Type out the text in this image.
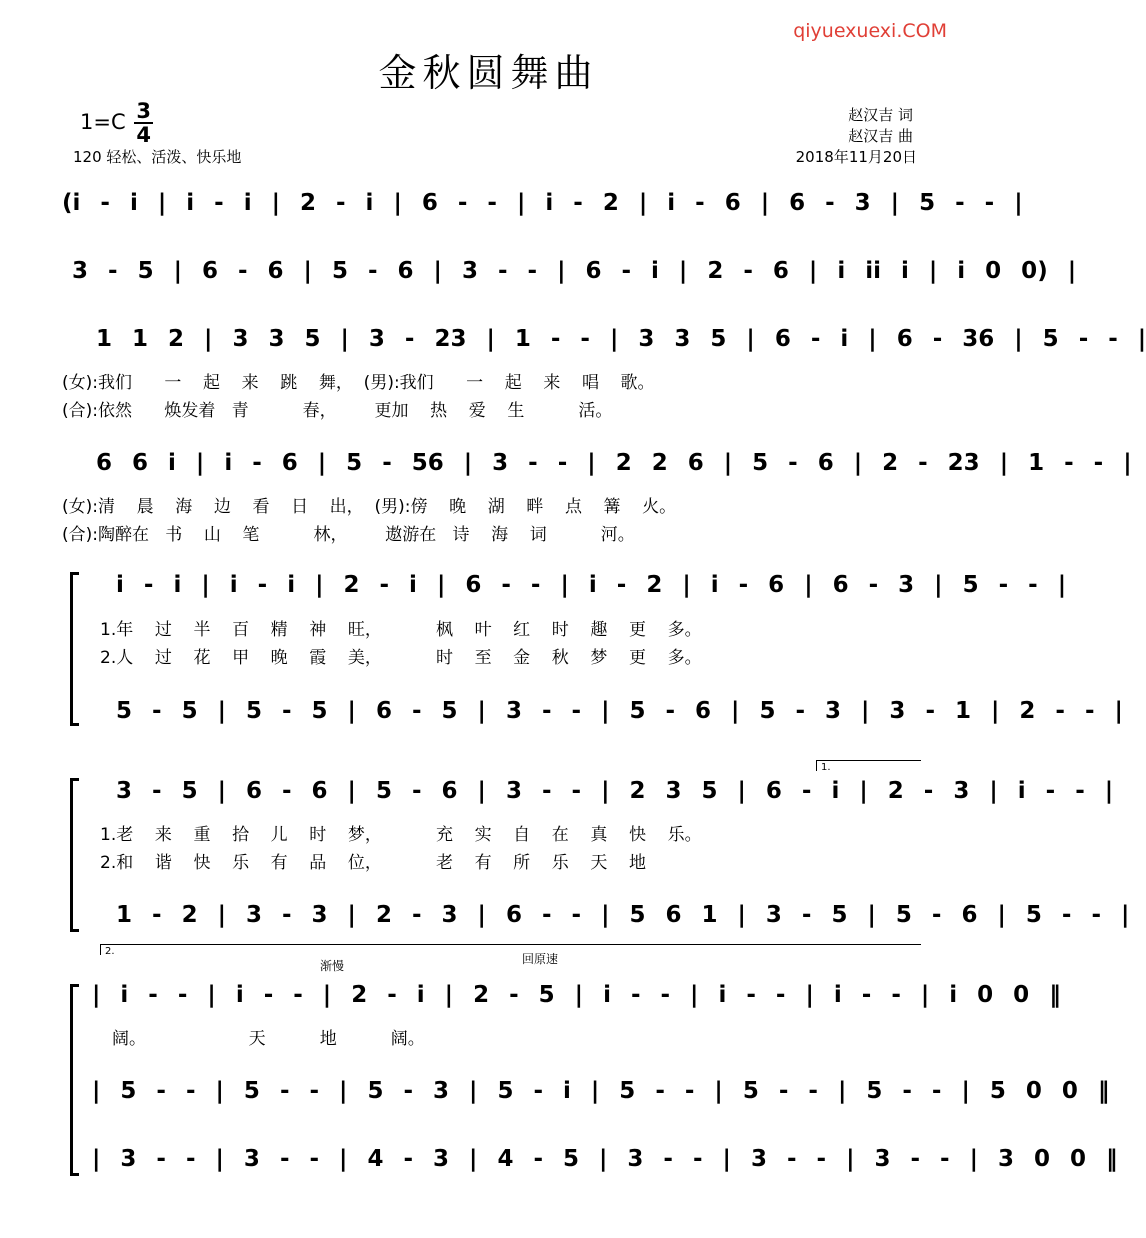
qiyuexuexi.COM
金秋圆舞曲
$1=C \frac{3}{4}$
120 轻松、活泼、快乐地
赵汉吉 词
赵汉吉 曲
2018年11月20日
(i - i | i - i | 2 - i | 6 - - | i - 2 | i - 6 | 6 - 3 | 5 - - |
3 - 5 | 6 - 6 | 5 - 6 | 3 - - | 6 - i | 2 - 6 | i ii i | i 0 0) |
1 1 2 | 3 3 5 | 3 - 23 | 1 - - | 3 3 5 | 6 - i | 6 - 36 | 5 - - |
(女):我们      一    起    来    跳    舞，  (男):我们      一    起    来    唱    歌。
(合):依然      焕发着   青          春，       更加    热    爱    生          活。
6 6 i | i - 6 | 5 - 56 | 3 - - | 2 2 6 | 5 - 6 | 2 - 23 | 1 - - |
(女):清    晨    海    边    看    日    出，  (男):傍    晚    湖    畔    点    篝    火。
(合):陶醉在   书    山    笔          林，       遨游在   诗    海    词          河。
i - i | i - i | 2 - i | 6 - - | i - 2 | i - 6 | 6 - 3 | 5 - - |
1.年    过    半    百    精    神    旺，          枫    叶    红    时    趣    更    多。
2.人    过    花    甲    晚    霞    美，          时    至    金    秋    梦    更    多。
5 - 5 | 5 - 5 | 6 - 5 | 3 - - | 5 - 6 | 5 - 3 | 3 - 1 | 2 - - |
1.
3 - 5 | 6 - 6 | 5 - 6 | 3 - - | 2 3 5 | 6 - i | 2 - 3 | i - - |
1.老    来    重    拾    儿    时    梦，          充    实    自    在    真    快    乐。
2.和    谐    快    乐    有    品    位，          老    有    所    乐    天    地
1 - 2 | 3 - 3 | 2 - 3 | 6 - - | 5 6 1 | 3 - 5 | 5 - 6 | 5 - - |
2.
渐慢	回原速
| i - - | i - - | 2 - i | 2 - 5 | i - - | i - - | i - - | i 0 0 ‖
阔。                   天          地          阔。
| 5 - - | 5 - - | 5 - 3 | 5 - i | 5 - - | 5 - - | 5 - - | 5 0 0 ‖
| 3 - - | 3 - - | 4 - 3 | 4 - 5 | 3 - - | 3 - - | 3 - - | 3 0 0 ‖
